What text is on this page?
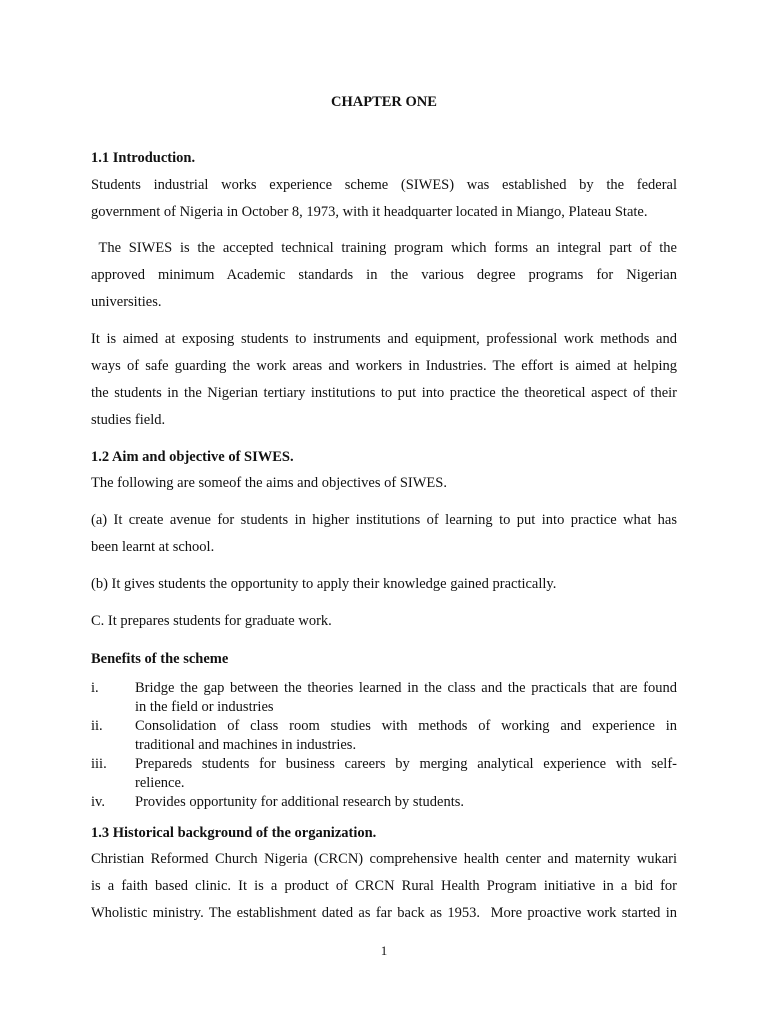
CHAPTER ONE
1.1 Introduction.
Students industrial works experience scheme (SIWES) was established by the federal
government of Nigeria in October 8, 1973, with it headquarter located in Miango, Plateau State.
The SIWES is the accepted technical training program which forms an integral part of the
approved minimum Academic standards in the various degree programs for Nigerian
universities.
It is aimed at exposing students to instruments and equipment, professional work methods and
ways of safe guarding the work areas and workers in Industries. The effort is aimed at helping
the students in the Nigerian tertiary institutions to put into practice the theoretical aspect of their
studies field.
1.2 Aim and objective of SIWES.
The following are someof the aims and objectives of SIWES.
(a) It create avenue for students in higher institutions of learning to put into practice what has
been learnt at school.
(b) It gives students the opportunity to apply their knowledge gained practically.
C. It prepares students for graduate work.
Benefits of the scheme
i.	Bridge the gap between the theories learned in the class and the practicals that are found
in the field or industries
ii. Consolidation of class room studies with methods of working and experience in
traditional and machines in industries.
iii. Prepareds students for business careers by merging analytical experience with self-
relience.
iv. Provides opportunity for additional research by students.
1.3 Historical background of the organization.
Christian Reformed Church Nigeria (CRCN) comprehensive health center and maternity wukari
is a faith based clinic. It is a product of CRCN Rural Health Program initiative in a bid for
Wholistic ministry. The establishment dated as far back as 1953.  More proactive work started in
1
